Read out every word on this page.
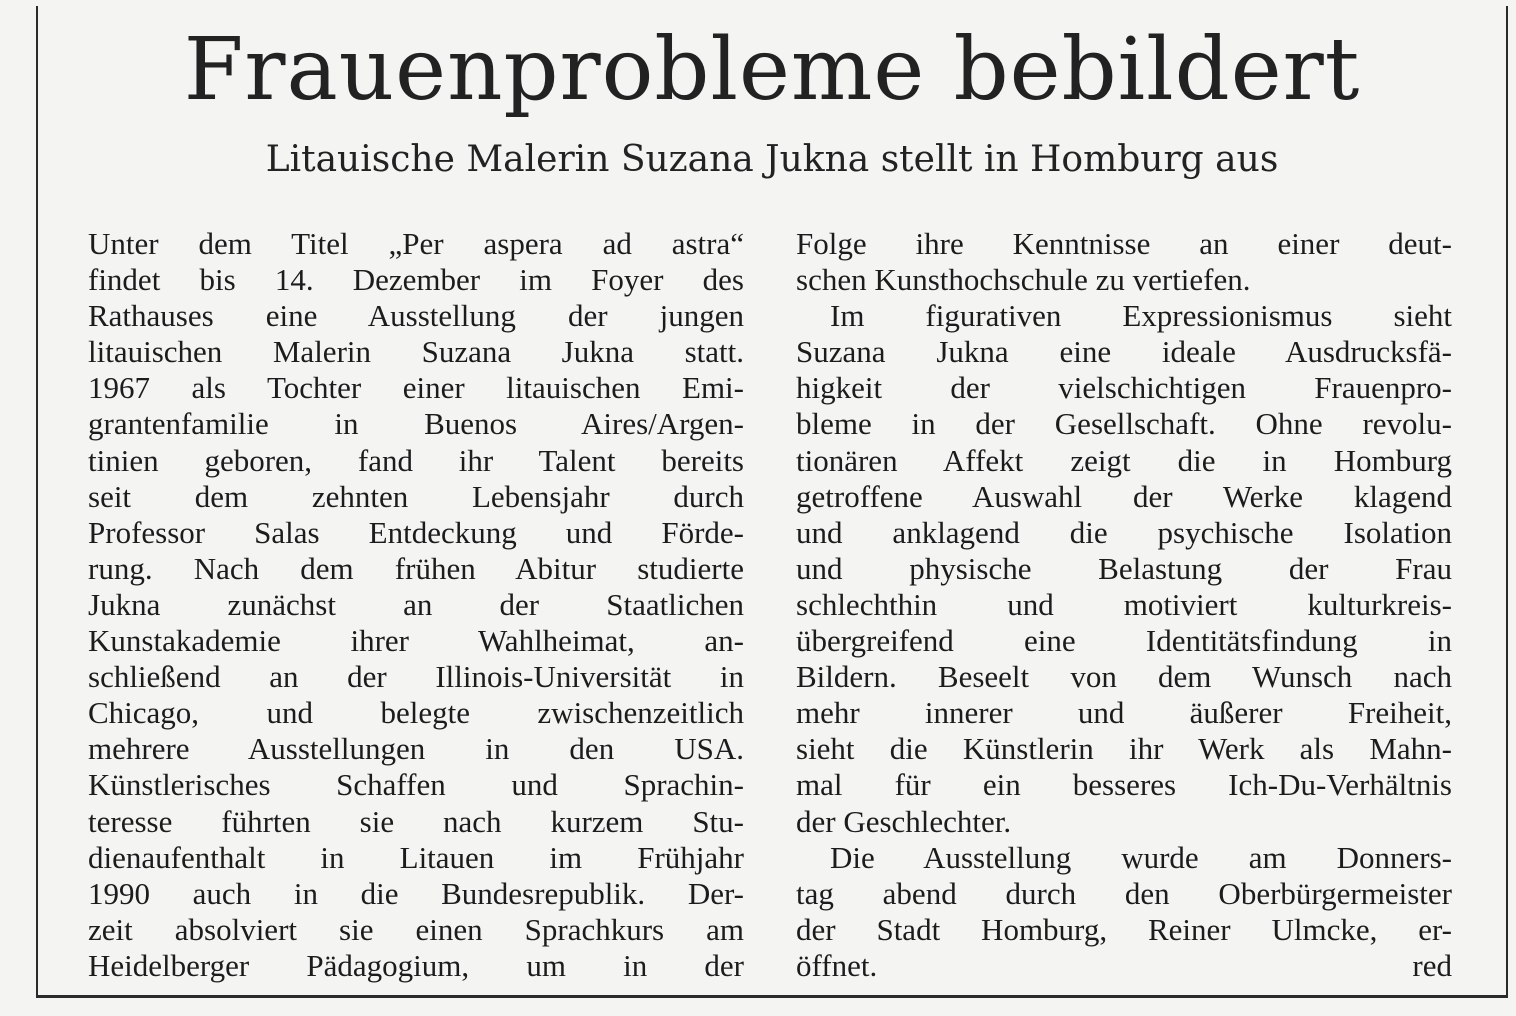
Frauenprobleme bebildert
Litauische Malerin Suzana Jukna stellt in Homburg aus
Unter dem Titel „Per aspera ad astra“
findet bis 14. Dezember im Foyer des
Rathauses eine Ausstellung der jungen
litauischen Malerin Suzana Jukna statt.
1967 als Tochter einer litauischen Emi-
grantenfamilie in Buenos Aires/Argen-
tinien geboren, fand ihr Talent bereits
seit dem zehnten Lebensjahr durch
Professor Salas Entdeckung und Förde-
rung. Nach dem frühen Abitur studierte
Jukna zunächst an der Staatlichen
Kunstakademie ihrer Wahlheimat, an-
schließend an der Illinois-Universität in
Chicago, und belegte zwischenzeitlich
mehrere Ausstellungen in den USA.
Künstlerisches Schaffen und Sprachin-
teresse führten sie nach kurzem Stu-
dienaufenthalt in Litauen im Frühjahr
1990 auch in die Bundesrepublik. Der-
zeit absolviert sie einen Sprachkurs am
Heidelberger Pädagogium, um in der
Folge ihre Kenntnisse an einer deut-
schen Kunsthochschule zu vertiefen.
Im figurativen Expressionismus sieht
Suzana Jukna eine ideale Ausdrucksfä-
higkeit der vielschichtigen Frauenpro-
bleme in der Gesellschaft. Ohne revolu-
tionären Affekt zeigt die in Homburg
getroffene Auswahl der Werke klagend
und anklagend die psychische Isolation
und physische Belastung der Frau
schlechthin und motiviert kulturkreis-
übergreifend eine Identitätsfindung in
Bildern. Beseelt von dem Wunsch nach
mehr innerer und äußerer Freiheit,
sieht die Künstlerin ihr Werk als Mahn-
mal für ein besseres Ich-Du-Verhältnis
der Geschlechter.
Die Ausstellung wurde am Donners-
tag abend durch den Oberbürgermeister
der Stadt Homburg, Reiner Ulmcke, er-
öffnet.	red
